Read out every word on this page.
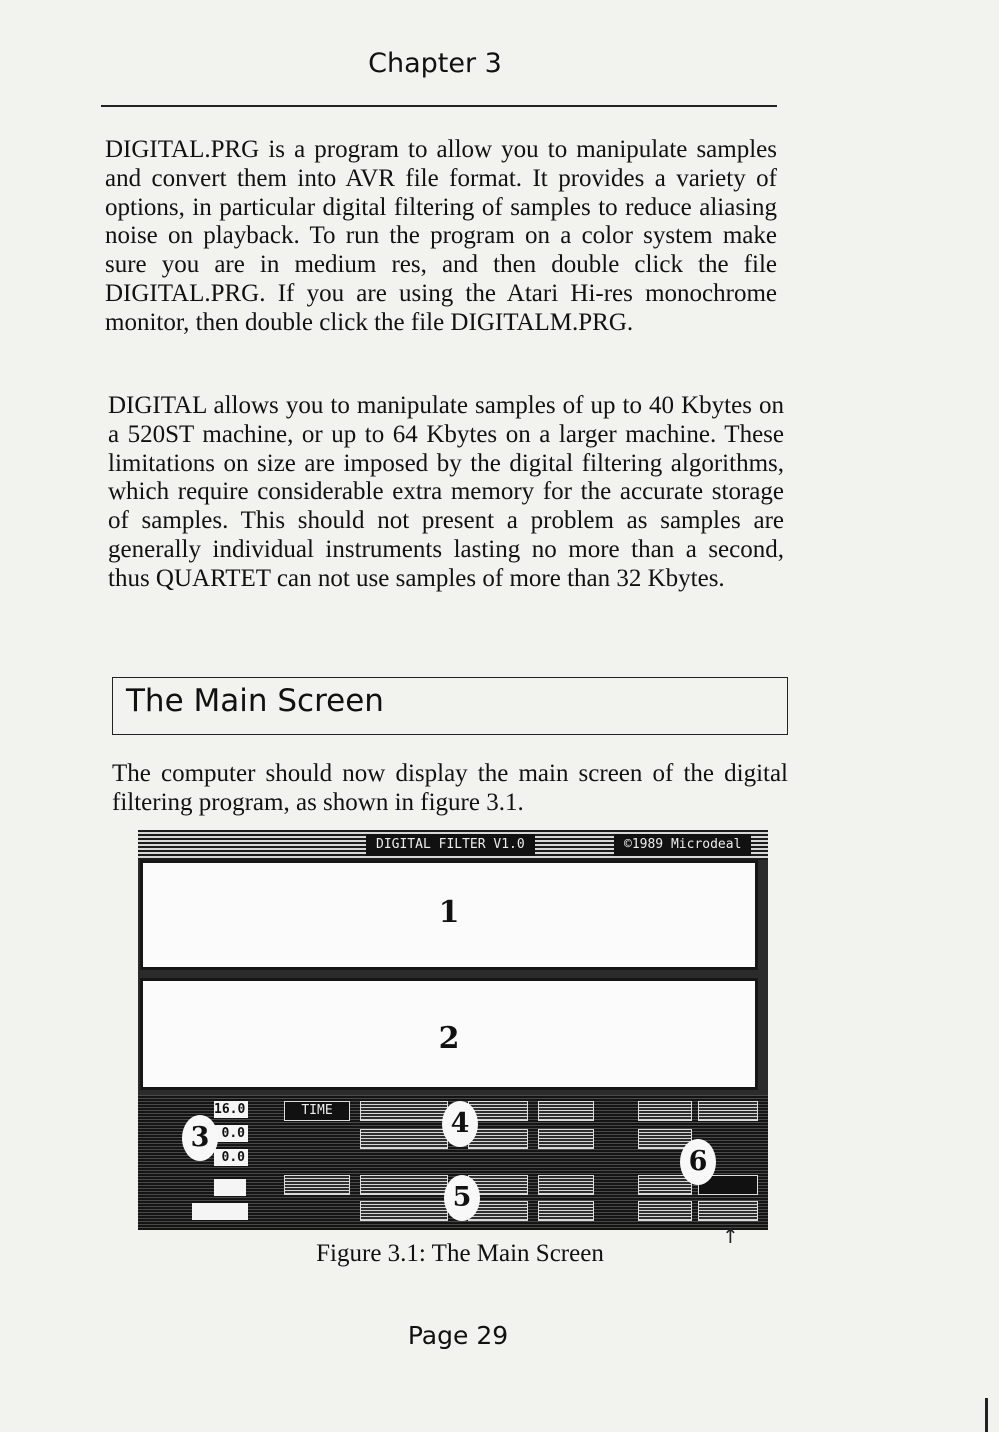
Chapter 3

DIGITAL.PRG is a program to allow you to manipulate samples and convert them into AVR file format. It provides a variety of options, in particular digital filtering of samples to reduce aliasing noise on playback. To run the program on a color system make sure you are in medium res, and then double click the file DIGITAL.PRG. If you are using the Atari Hi-res monochrome monitor, then double click the file DIGITALM.PRG.

DIGITAL allows you to manipulate samples of up to 40 Kbytes on a 520ST machine, or up to 64 Kbytes on a larger machine. These limitations on size are imposed by the digital filtering algorithms, which require considerable extra memory for the accurate storage of samples. This should not present a problem as samples are generally individual instruments lasting no more than a second, thus QUARTET can not use samples of more than 32 Kbytes.

The Main Screen

The computer should now display the main screen of the digital filtering program, as shown in figure 3.1.

DIGITAL FILTER V1.0	©1989 Microdeal
1
2
16.0
0.0
0.0
TIME
3	4
5
6
↑
Figure 3.1: The Main Screen
Page 29
